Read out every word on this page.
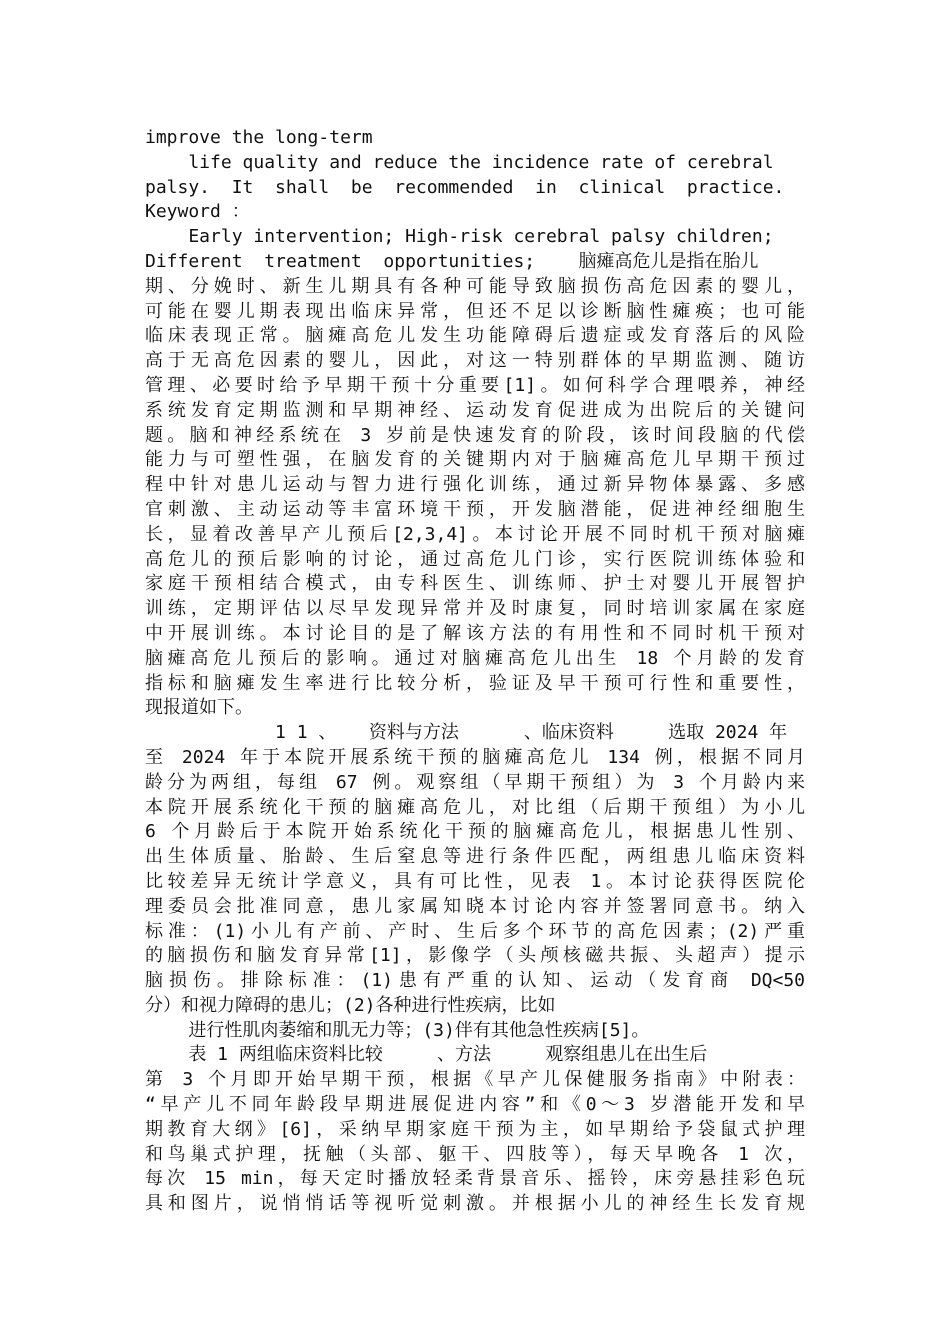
improve the long-term
life quality and reduce the incidence rate of cerebral
palsy.  It  shall  be  recommended  in  clinical  practice.
Keyword ：
Early intervention; High-risk cerebral palsy children;
Different  treatment  opportunities;    脑瘫高危儿是指在胎儿
期、分娩时、新生儿期具有各种可能导致脑损伤高危因素的婴儿，
可能在婴儿期表现出临床异常，但还不足以诊断脑性瘫痪；也可能
临床表现正常。脑瘫高危儿发生功能障碍后遗症或发育落后的风险
高于无高危因素的婴儿，因此，对这一特别群体的早期监测、随访
管理、必要时给予早期干预十分重要[1]。如何科学合理喂养，神经
系统发育定期监测和早期神经、运动发育促进成为出院后的关键问
题。脑和神经系统在 3 岁前是快速发育的阶段，该时间段脑的代偿
能力与可塑性强，在脑发育的关键期内对于脑瘫高危儿早期干预过
程中针对患儿运动与智力进行强化训练，通过新异物体暴露、多感
官刺激、主动运动等丰富环境干预，开发脑潜能，促进神经细胞生
长，显着改善早产儿预后[2,3,4]。本讨论开展不同时机干预对脑瘫
高危儿的预后影响的讨论，通过高危儿门诊，实行医院训练体验和
家庭干预相结合模式，由专科医生、训练师、护士对婴儿开展智护
训练，定期评估以尽早发现异常并及时康复，同时培训家属在家庭
中开展训练。本讨论目的是了解该方法的有用性和不同时机干预对
脑瘫高危儿预后的影响。通过对脑瘫高危儿出生 18 个月龄的发育
指标和脑瘫发生率进行比较分析，验证及早干预可行性和重要性，
现报道如下。
1 1 、   资料与方法      、临床资料     选取 2024 年
至 2024 年于本院开展系统干预的脑瘫高危儿 134 例，根据不同月
龄分为两组，每组 67 例。观察组（早期干预组）为 3 个月龄内来
本院开展系统化干预的脑瘫高危儿，对比组（后期干预组）为小儿
6 个月龄后于本院开始系统化干预的脑瘫高危儿，根据患儿性别、
出生体质量、胎龄、生后窒息等进行条件匹配，两组患儿临床资料
比较差异无统计学意义，具有可比性，见表 1。本讨论获得医院伦
理委员会批准同意，患儿家属知晓本讨论内容并签署同意书。纳入
标准：(1)小儿有产前、产时、生后多个环节的高危因素；(2)严重
的脑损伤和脑发育异常[1]，影像学（头颅核磁共振、头超声）提示
脑损伤。排除标准：(1)患有严重的认知、运动（发育商 DQ<50
分）和视力障碍的患儿；(2)各种进行性疾病，比如
进行性肌肉萎缩和肌无力等；(3)伴有其他急性疾病[5]。
表 1 两组临床资料比较     、方法     观察组患儿在出生后
第 3 个月即开始早期干预，根据《早产儿保健服务指南》中附表：
“早产儿不同年龄段早期进展促进内容”和《0～3 岁潜能开发和早
期教育大纲》[6]，采纳早期家庭干预为主，如早期给予袋鼠式护理
和鸟巢式护理，抚触（头部、躯干、四肢等），每天早晚各 1 次，
每次 15 min，每天定时播放轻柔背景音乐、摇铃，床旁悬挂彩色玩
具和图片，说悄悄话等视听觉刺激。并根据小儿的神经生长发育规
